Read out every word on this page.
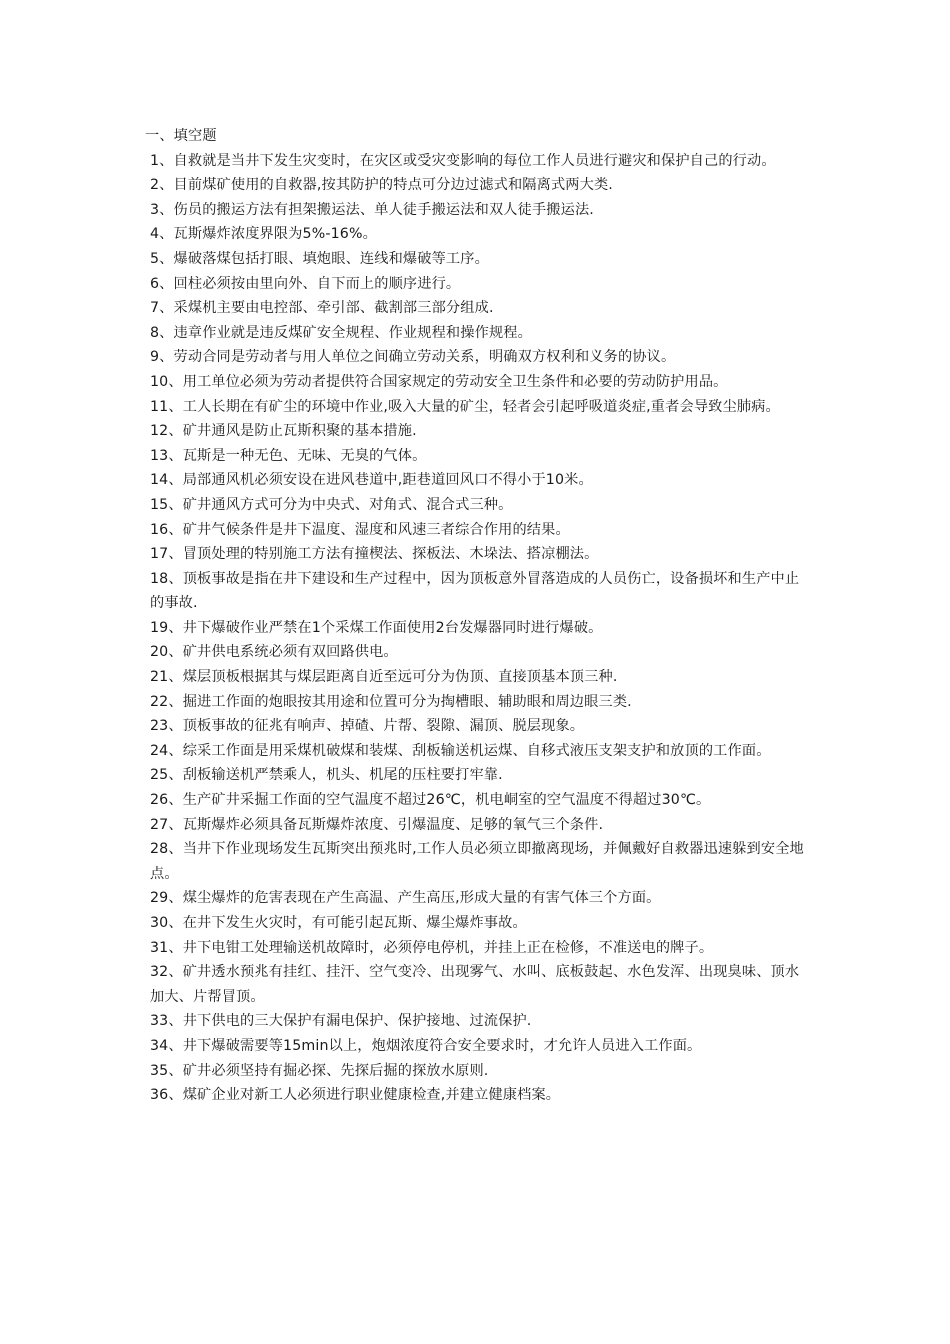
一、填空题
1、自救就是当井下发生灾变时，在灾区或受灾变影响的每位工作人员进行避灾和保护自己的行动。
2、目前煤矿使用的自救器,按其防护的特点可分边过滤式和隔离式两大类.
3、伤员的搬运方法有担架搬运法、单人徒手搬运法和双人徒手搬运法.
4、瓦斯爆炸浓度界限为5%-16%。
5、爆破落煤包括打眼、填炮眼、连线和爆破等工序。
6、回柱必须按由里向外、自下而上的顺序进行。
7、采煤机主要由电控部、牵引部、截割部三部分组成.
8、违章作业就是违反煤矿安全规程、作业规程和操作规程。
9、劳动合同是劳动者与用人单位之间确立劳动关系，明确双方权利和义务的协议。
10、用工单位必须为劳动者提供符合国家规定的劳动安全卫生条件和必要的劳动防护用品。
11、工人长期在有矿尘的环境中作业,吸入大量的矿尘，轻者会引起呼吸道炎症,重者会导致尘肺病。
12、矿井通风是防止瓦斯积聚的基本措施.
13、瓦斯是一种无色、无味、无臭的气体。
14、局部通风机必须安设在进风巷道中,距巷道回风口不得小于10米。
15、矿井通风方式可分为中央式、对角式、混合式三种。
16、矿井气候条件是井下温度、湿度和风速三者综合作用的结果。
17、冒顶处理的特别施工方法有撞楔法、探板法、木垛法、搭凉棚法。
18、顶板事故是指在井下建设和生产过程中，因为顶板意外冒落造成的人员伤亡，设备损坏和生产中止的事故.
19、井下爆破作业严禁在1个采煤工作面使用2台发爆器同时进行爆破。
20、矿井供电系统必须有双回路供电。
21、煤层顶板根据其与煤层距离自近至远可分为伪顶、直接顶基本顶三种.
22、掘进工作面的炮眼按其用途和位置可分为掏槽眼、辅助眼和周边眼三类.
23、顶板事故的征兆有响声、掉碴、片帮、裂隙、漏顶、脱层现象。
24、综采工作面是用采煤机破煤和装煤、刮板输送机运煤、自移式液压支架支护和放顶的工作面。
25、刮板输送机严禁乘人，机头、机尾的压柱要打牢靠.
26、生产矿井采掘工作面的空气温度不超过26℃，机电峒室的空气温度不得超过30℃。
27、瓦斯爆炸必须具备瓦斯爆炸浓度、引爆温度、足够的氧气三个条件.
28、当井下作业现场发生瓦斯突出预兆时,工作人员必须立即撤离现场，并佩戴好自救器迅速躲到安全地点。
29、煤尘爆炸的危害表现在产生高温、产生高压,形成大量的有害气体三个方面。
30、在井下发生火灾时，有可能引起瓦斯、爆尘爆炸事故。
31、井下电钳工处理输送机故障时，必须停电停机，并挂上正在检修，不准送电的牌子。
32、矿井透水预兆有挂红、挂汗、空气变冷、出现雾气、水叫、底板鼓起、水色发浑、出现臭味、顶水加大、片帮冒顶。
33、井下供电的三大保护有漏电保护、保护接地、过流保护.
34、井下爆破需要等15min以上，炮烟浓度符合安全要求时，才允许人员进入工作面。
35、矿井必须坚持有掘必探、先探后掘的探放水原则.
36、煤矿企业对新工人必须进行职业健康检查,并建立健康档案。
